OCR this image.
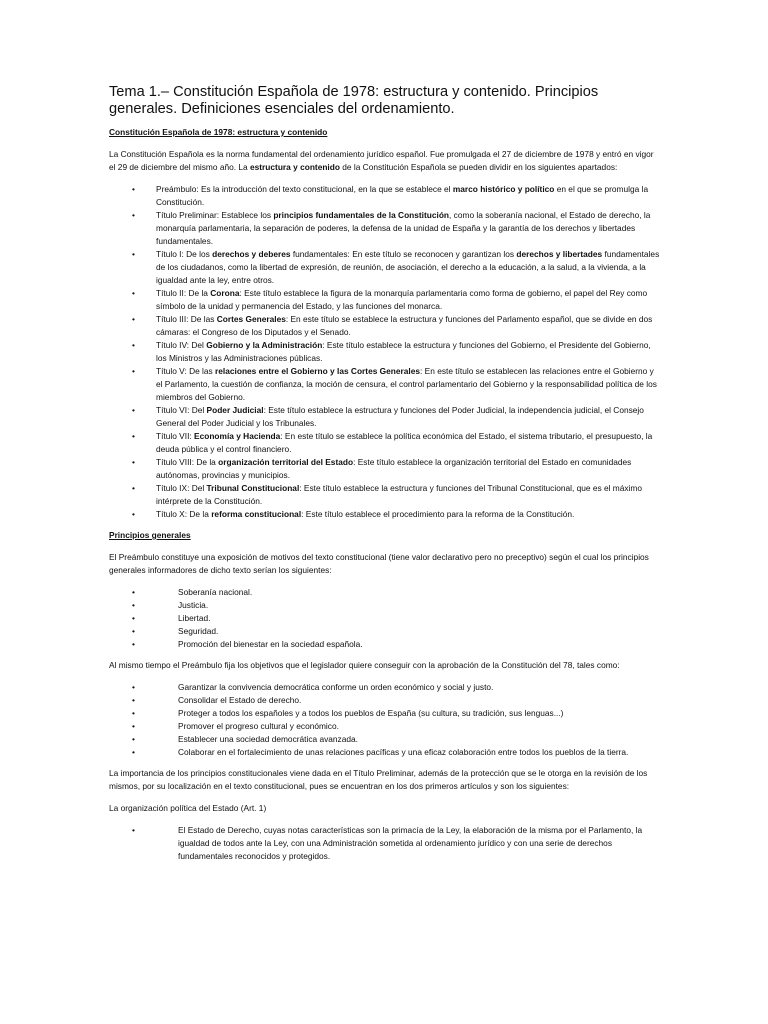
Tema 1.– Constitución Española de 1978: estructura y contenido. Principios generales. Definiciones esenciales del ordenamiento.
Constitución Española de 1978: estructura y contenido
La Constitución Española es la norma fundamental del ordenamiento jurídico español. Fue promulgada el 27 de diciembre de 1978 y entró en vigor el 29 de diciembre del mismo año. La estructura y contenido de la Constitución Española se pueden dividir en los siguientes apartados:
• Preámbulo: Es la introducción del texto constitucional, en la que se establece el marco histórico y político en el que se promulga la Constitución.
• Título Preliminar: Establece los principios fundamentales de la Constitución, como la soberanía nacional, el Estado de derecho, la monarquía parlamentaria, la separación de poderes, la defensa de la unidad de España y la garantía de los derechos y libertades fundamentales.
• Título I: De los derechos y deberes fundamentales: En este título se reconocen y garantizan los derechos y libertades fundamentales de los ciudadanos, como la libertad de expresión, de reunión, de asociación, el derecho a la educación, a la salud, a la vivienda, a la igualdad ante la ley, entre otros.
• Título II: De la Corona: Este título establece la figura de la monarquía parlamentaria como forma de gobierno, el papel del Rey como símbolo de la unidad y permanencia del Estado, y las funciones del monarca.
• Título III: De las Cortes Generales: En este título se establece la estructura y funciones del Parlamento español, que se divide en dos cámaras: el Congreso de los Diputados y el Senado.
• Título IV: Del Gobierno y la Administración: Este título establece la estructura y funciones del Gobierno, el Presidente del Gobierno, los Ministros y las Administraciones públicas.
• Título V: De las relaciones entre el Gobierno y las Cortes Generales: En este título se establecen las relaciones entre el Gobierno y el Parlamento, la cuestión de confianza, la moción de censura, el control parlamentario del Gobierno y la responsabilidad política de los miembros del Gobierno.
• Título VI: Del Poder Judicial: Este título establece la estructura y funciones del Poder Judicial, la independencia judicial, el Consejo General del Poder Judicial y los Tribunales.
• Título VII: Economía y Hacienda: En este título se establece la política económica del Estado, el sistema tributario, el presupuesto, la deuda pública y el control financiero.
• Título VIII: De la organización territorial del Estado: Este título establece la organización territorial del Estado en comunidades autónomas, provincias y municipios.
• Título IX: Del Tribunal Constitucional: Este título establece la estructura y funciones del Tribunal Constitucional, que es el máximo intérprete de la Constitución.
• Título X: De la reforma constitucional: Este título establece el procedimiento para la reforma de la Constitución.
Principios generales
El Preámbulo constituye una exposición de motivos del texto constitucional (tiene valor declarativo pero no preceptivo) según el cual los principios generales informadores de dicho texto serían los siguientes:
• Soberanía nacional.
• Justicia.
• Libertad.
• Seguridad.
• Promoción del bienestar en la sociedad española.
Al mismo tiempo el Preámbulo fija los objetivos que el legislador quiere conseguir con la aprobación de la Constitución del 78, tales como:
• Garantizar la convivencia democrática conforme un orden económico y social y justo.
• Consolidar el Estado de derecho.
• Proteger a todos los españoles y a todos los pueblos de España (su cultura, su tradición, sus lenguas...)
• Promover el progreso cultural y económico.
• Establecer una sociedad democrática avanzada.
• Colaborar en el fortalecimiento de unas relaciones pacíficas y una eficaz colaboración entre todos los pueblos de la tierra.
La importancia de los principios constitucionales viene dada en el Título Preliminar, además de la protección que se le otorga en la revisión de los mismos, por su localización en el texto constitucional, pues se encuentran en los dos primeros artículos y son los siguientes:
La organización política del Estado (Art. 1)
• El Estado de Derecho, cuyas notas características son la primacía de la Ley, la elaboración de la misma por el Parlamento, la igualdad de todos ante la Ley, con una Administración sometida al ordenamiento jurídico y con una serie de derechos fundamentales reconocidos y protegidos.
